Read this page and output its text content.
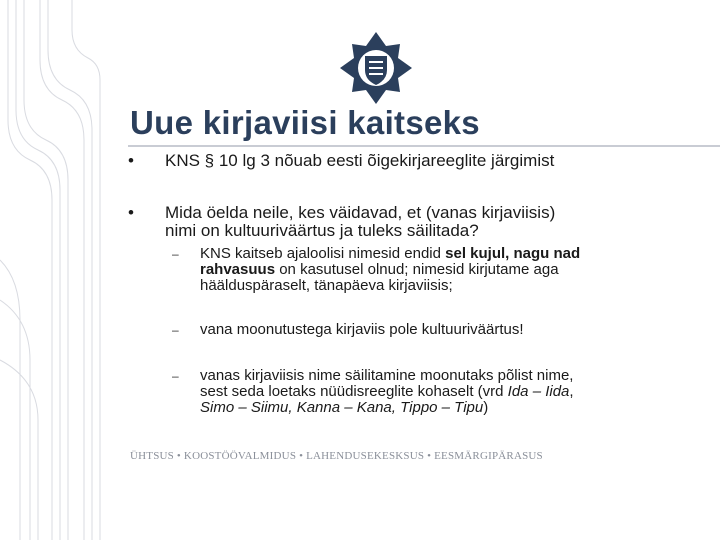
Uue kirjaviisi kaitseks
•	KNS § 10 lg 3 nõuab eesti õigekirjareeglite järgimist
•	Mida öelda neile, kes väidavad, et (vanas kirjaviisis)
nimi on kultuuriväärtus ja tuleks säilitada?
– KNS kaitseb ajaloolisi nimesid endid sel kujul, nagu nad
rahvasuus on kasutusel olnud; nimesid kirjutame aga
häälduspäraselt, tänapäeva kirjaviisis;
– vana moonutustega kirjaviis pole kultuuriväärtus!
– vanas kirjaviisis nime säilitamine moonutaks põlist nime,
sest seda loetaks nüüdisreeglite kohaselt (vrd Ida – Iida,
Simo – Siimu, Kanna – Kana, Tippo – Tipu)
ÜHTSUS • KOOSTÖÖVALMIDUS • LAHENDUSEKESKSUS • EESMÄRGIPÄRASUS
